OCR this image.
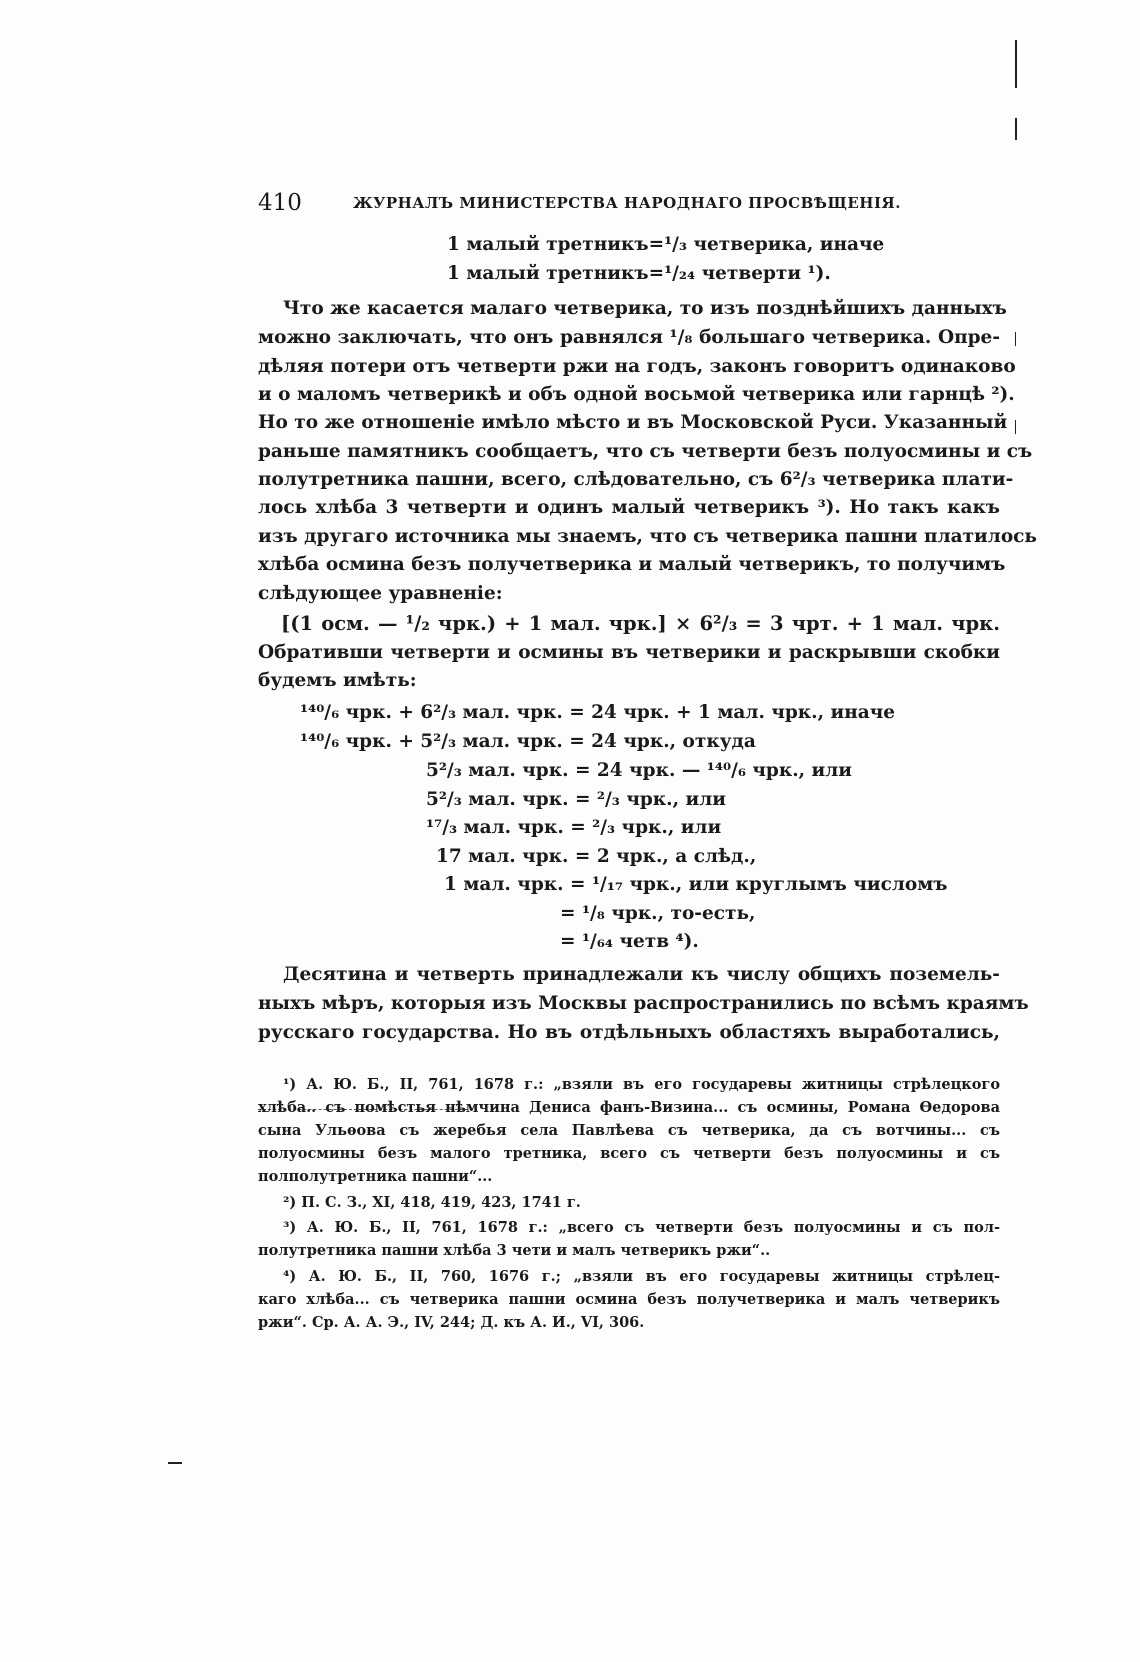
410	ЖУРНАЛЪ МИНИСТЕРСТВА НАРОДНАГО ПРОСВѢЩЕНІЯ.
1 малый третникъ=¹/₃ четверика, иначе
1 малый третникъ=¹/₂₄ четверти ¹).
Что же касается малаго четверика, то изъ позднѣйшихъ данныхъ
можно заключать, что онъ равнялся ¹/₈ большаго четверика. Опре-
дѣляя потери отъ четверти ржи на годъ, законъ говоритъ одинаково
и о маломъ четверикѣ и объ одной восьмой четверика или гарнцѣ ²).
Но то же отношеніе имѣло мѣсто и въ Московской Руси. Указанный
раньше памятникъ сообщаетъ, что съ четверти безъ полуосмины и съ
полутретника пашни, всего, слѣдовательно, съ 6²/₃ четверика плати-
лось хлѣба 3 четверти и одинъ малый четверикъ ³). Но такъ какъ
изъ другаго источника мы знаемъ, что съ четверика пашни платилось
хлѣба осмина безъ получетверика и малый четверикъ, то получимъ
слѣдующее уравненіе:
[(1 осм. — ¹/₂ чрк.) + 1 мал. чрк.] × 6²/₃ = 3 чрт. + 1 мал. чрк.
Обративши четверти и осмины въ четверики и раскрывши скобки
будемъ имѣть:
¹⁴⁰/₆ чрк. + 6²/₃ мал. чрк. = 24 чрк. + 1 мал. чрк., иначе
¹⁴⁰/₆ чрк. + 5²/₃ мал. чрк. = 24 чрк., откуда
5²/₃ мал. чрк. = 24 чрк. — ¹⁴⁰/₆ чрк., или
5²/₃ мал. чрк. = ²/₃ чрк., или
¹⁷/₃ мал. чрк. = ²/₃ чрк., или
17 мал. чрк. = 2 чрк., а слѣд.,
1 мал. чрк. = ¹/₁₇ чрк., или круглымъ числомъ
= ¹/₈ чрк., то-есть,
= ¹/₆₄ четв ⁴).
Десятина и четверть принадлежали къ числу общихъ поземель-
ныхъ мѣръ, которыя изъ Москвы распространились по всѣмъ краямъ
русскаго государства. Но въ отдѣльныхъ областяхъ выработались,
¹) А. Ю. Б., II, 761, 1678 г.: „взяли въ его государевы житницы стрѣлецкого
хлѣба.. съ помѣстья нѣмчина Дениса фанъ-Визина... съ осмины, Романа Ѳедорова
сына Ульѳова съ жеребья села Павлѣева съ четверика, да съ вотчины... съ
полуосмины безъ малого третника, всего съ четверти безъ полуосмины и съ
полполутретника пашни“...
²) П. С. З., XI, 418, 419, 423, 1741 г.
³) А. Ю. Б., II, 761, 1678 г.: „всего съ четверти безъ полуосмины и съ пол-
полутретника пашни хлѣба 3 чети и малъ четверикъ ржи“..
⁴) А. Ю. Б., II, 760, 1676 г.; „взяли въ его государевы житницы стрѣлец-
каго хлѣба... съ четверика пашни осмина безъ получетверика и малъ четверикъ
ржи“. Ср. А. А. Э., IV, 244; Д. къ А. И., VI, 306.
